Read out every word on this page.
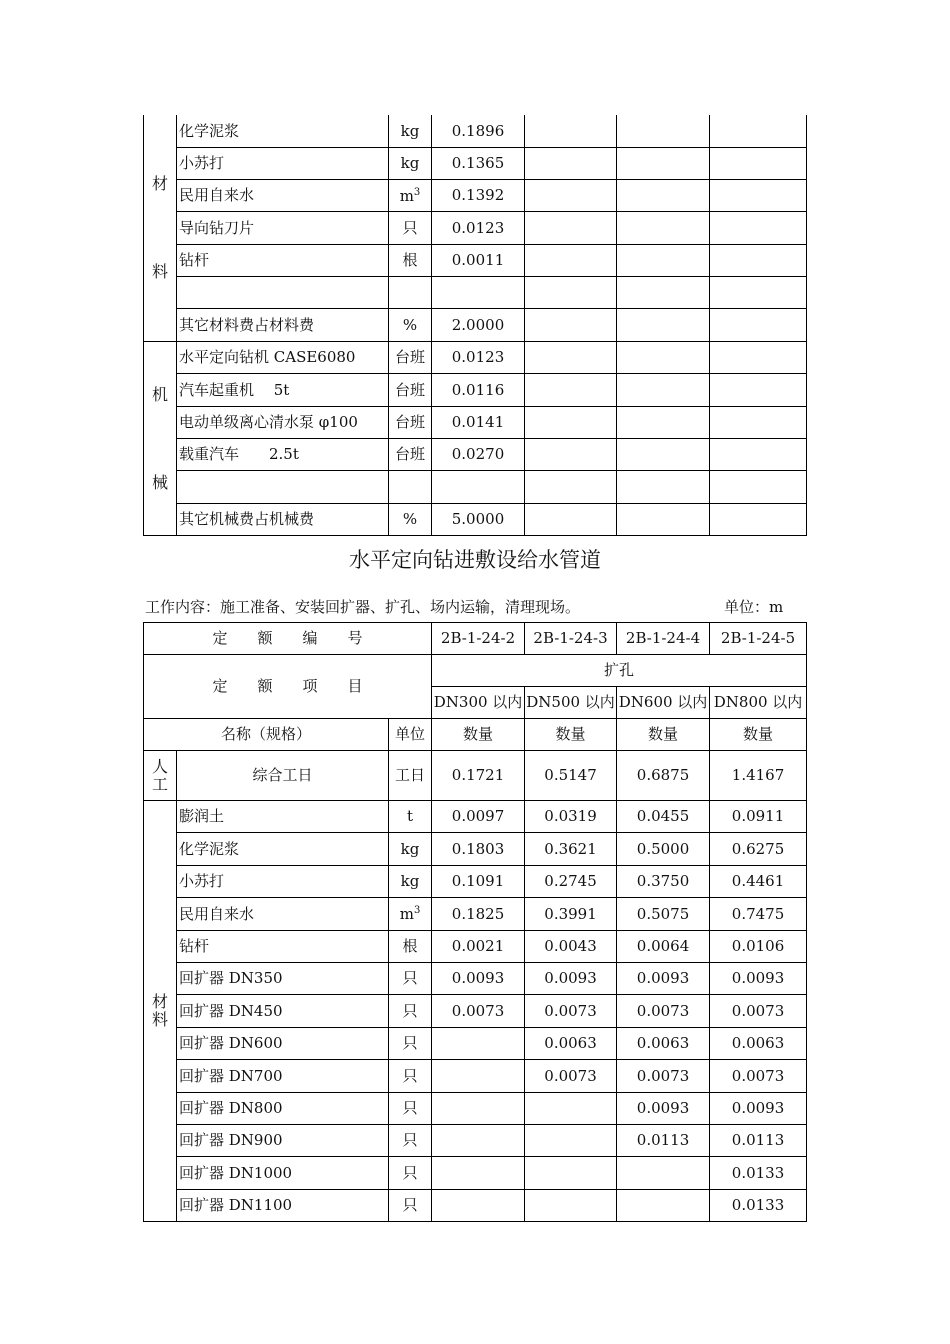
材

料	化学泥浆	kg	0.1896			
	小苏打	kg	0.1365			
	民用自来水	$m^3$	0.1392			
	导向钻刀片	只	0.0123			
	钻杆	根	0.0011			

	其它材料费占材料费	%	2.0000			
机

械	水平定向钻机 CASE6080	台班	0.0123			
	汽车起重机　 5t	台班	0.0116			
	电动单级离心清水泵 φ100	台班	0.0141			
	载重汽车　　2.5t	台班	0.0270			

	其它机械费占机械费	%	5.0000			
水平定向钻进敷设给水管道
工作内容：施工准备、安装回扩器、扩孔、场内运输，清理现场。	单位：m
定　　额　　编　　号			2B-1-24-2	2B-1-24-3	2B-1-24-4	2B-1-24-5
定　　额　　项　　目			扩孔			
			DN300 以内	DN500 以内	DN600 以内	DN800 以内
名称（规格）		单位	数量	数量	数量	数量
人
工	综合工日	工日	0.1721	0.5147	0.6875	1.4167
材
料	膨润土	t	0.0097	0.0319	0.0455	0.0911
	化学泥浆	kg	0.1803	0.3621	0.5000	0.6275
	小苏打	kg	0.1091	0.2745	0.3750	0.4461
	民用自来水	$m^3$	0.1825	0.3991	0.5075	0.7475
	钻杆	根	0.0021	0.0043	0.0064	0.0106
	回扩器 DN350	只	0.0093	0.0093	0.0093	0.0093
	回扩器 DN450	只	0.0073	0.0073	0.0073	0.0073
	回扩器 DN600	只		0.0063	0.0063	0.0063
	回扩器 DN700	只		0.0073	0.0073	0.0073
	回扩器 DN800	只			0.0093	0.0093
	回扩器 DN900	只			0.0113	0.0113
	回扩器 DN1000	只				0.0133
	回扩器 DN1100	只				0.0133
